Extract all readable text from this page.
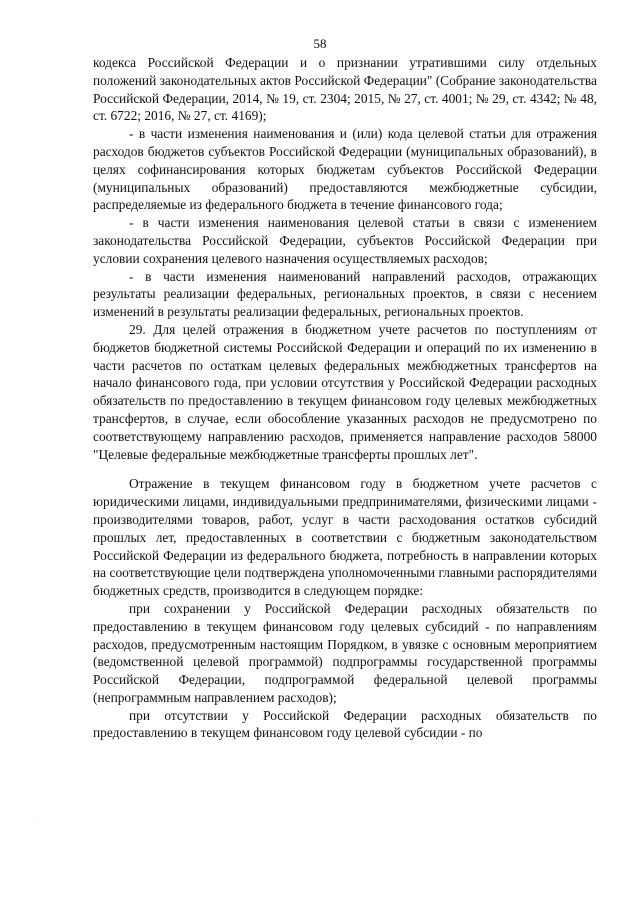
58

кодекса Российской Федерации и о признании утратившими силу отдельных положений законодательных актов Российской Федерации" (Собрание законодательства Российской Федерации, 2014, № 19, ст. 2304; 2015, № 27, ст. 4001; № 29, ст. 4342; № 48, ст. 6722; 2016, № 27, ст. 4169);

- в части изменения наименования и (или) кода целевой статьи для отражения расходов бюджетов субъектов Российской Федерации (муниципальных образований), в целях софинансирования которых бюджетам субъектов Российской Федерации (муниципальных образований) предоставляются межбюджетные субсидии, распределяемые из федерального бюджета в течение финансового года;

- в части изменения наименования целевой статьи в связи с изменением законодательства Российской Федерации, субъектов Российской Федерации при условии сохранения целевого назначения осуществляемых расходов;

- в части изменения наименований направлений расходов, отражающих результаты реализации федеральных, региональных проектов, в связи с несением изменений в результаты реализации федеральных, региональных проектов.

29. Для целей отражения в бюджетном учете расчетов по поступлениям от бюджетов бюджетной системы Российской Федерации и операций по их изменению в части расчетов по остаткам целевых федеральных межбюджетных трансфертов на начало финансового года, при условии отсутствия у Российской Федерации расходных обязательств по предоставлению в текущем финансовом году целевых межбюджетных трансфертов, в случае, если обособление указанных расходов не предусмотрено по соответствующему направлению расходов, применяется направление расходов 58000 "Целевые федеральные межбюджетные трансферты прошлых лет".

Отражение в текущем финансовом году в бюджетном учете расчетов с юридическими лицами, индивидуальными предпринимателями, физическими лицами - производителями товаров, работ, услуг в части расходования остатков субсидий прошлых лет, предоставленных в соответствии с бюджетным законодательством Российской Федерации из федерального бюджета, потребность в направлении которых на соответствующие цели подтверждена уполномоченными главными распорядителями бюджетных средств, производится в следующем порядке:

при сохранении у Российской Федерации расходных обязательств по предоставлению в текущем финансовом году целевых субсидий - по направлениям расходов, предусмотренным настоящим Порядком, в увязке с основным мероприятием (ведомственной целевой программой) подпрограммы государственной программы Российской Федерации, подпрограммой федеральной целевой программы (непрограммным направлением расходов);

при отсутствии у Российской Федерации расходных обязательств по предоставлению в текущем финансовом году целевой субсидии - по

.
